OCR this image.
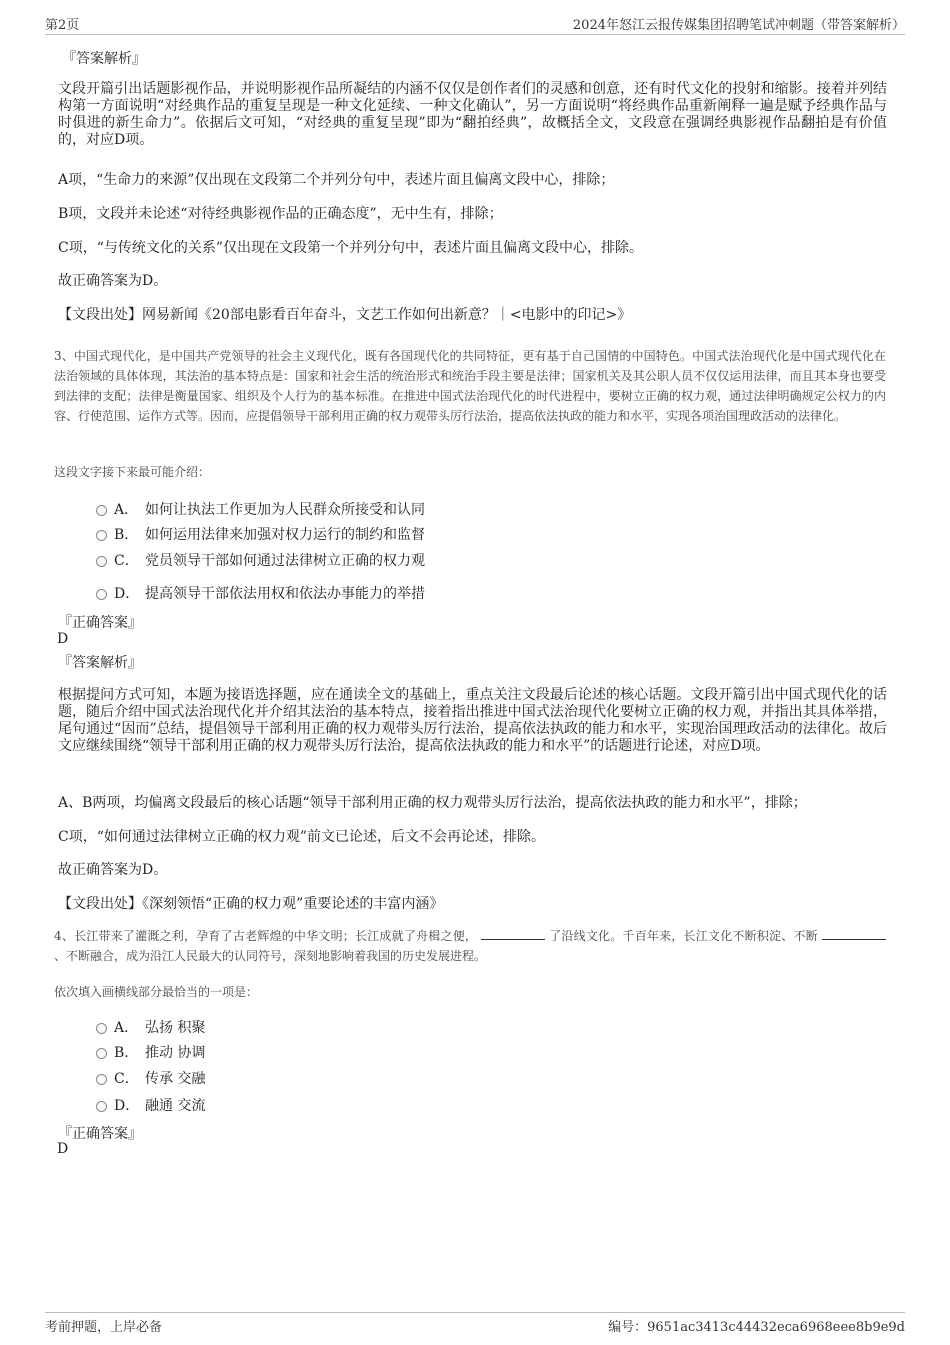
第2页	2024年怒江云报传媒集团招聘笔试冲刺题（带答案解析）
『答案解析』
文段开篇引出话题影视作品，并说明影视作品所凝结的内涵不仅仅是创作者们的灵感和创意，还有时代文化的投射和缩影。接着并列结构第一方面说明“对经典作品的重复呈现是一种文化延续、一种文化确认”，另一方面说明“将经典作品重新阐释一遍是赋予经典作品与时俱进的新生命力”。依据后文可知，“对经典的重复呈现”即为“翻拍经典”，故概括全文，文段意在强调经典影视作品翻拍是有价值的，对应D项。
A项，“生命力的来源”仅出现在文段第二个并列分句中，表述片面且偏离文段中心，排除；
B项，文段并未论述“对待经典影视作品的正确态度”，无中生有，排除；
C项，“与传统文化的关系”仅出现在文段第一个并列分句中，表述片面且偏离文段中心，排除。
故正确答案为D。
【文段出处】网易新闻《20部电影看百年奋斗，文艺工作如何出新意？｜<电影中的印记>》
3、中国式现代化，是中国共产党领导的社会主义现代化，既有各国现代化的共同特征，更有基于自己国情的中国特色。中国式法治现代化是中国式现代化在法治领域的具体体现，其法治的基本特点是：国家和社会生活的统治形式和统治手段主要是法律；国家机关及其公职人员不仅仅运用法律，而且其本身也要受到法律的支配；法律是衡量国家、组织及个人行为的基本标准。在推进中国式法治现代化的时代进程中，要树立正确的权力观，通过法律明确规定公权力的内容、行使范围、运作方式等。因而，应提倡领导干部利用正确的权力观带头厉行法治，提高依法执政的能力和水平，实现各项治国理政活动的法律化。
这段文字接下来最可能介绍：
A． 如何让执法工作更加为人民群众所接受和认同
B． 如何运用法律来加强对权力运行的制约和监督
C． 党员领导干部如何通过法律树立正确的权力观
D． 提高领导干部依法用权和依法办事能力的举措
『正确答案』
D
『答案解析』
根据提问方式可知，本题为接语选择题，应在通读全文的基础上，重点关注文段最后论述的核心话题。文段开篇引出中国式现代化的话题，随后介绍中国式法治现代化并介绍其法治的基本特点，接着指出推进中国式法治现代化要树立正确的权力观，并指出其具体举措，尾句通过“因而”总结，提倡领导干部利用正确的权力观带头厉行法治，提高依法执政的能力和水平，实现治国理政活动的法律化。故后文应继续围绕“领导干部利用正确的权力观带头厉行法治，提高依法执政的能力和水平”的话题进行论述，对应D项。
A、B两项，均偏离文段最后的核心话题“领导干部利用正确的权力观带头厉行法治，提高依法执政的能力和水平”，排除；
C项，“如何通过法律树立正确的权力观”前文已论述，后文不会再论述，排除。
故正确答案为D。
【文段出处】《深刻领悟“正确的权力观”重要论述的丰富内涵》
4、长江带来了灌溉之利，孕育了古老辉煌的中华文明；长江成就了舟楫之便，	了沿线文化。千百年来，长江文化不断积淀、不断  、不断融合，成为沿江人民最大的认同符号，深刻地影响着我国的历史发展进程。
依次填入画横线部分最恰当的一项是：
A． 弘扬 积聚
B． 推动 协调
C． 传承 交融
D． 融通 交流
『正确答案』
D
考前押题，上岸必备	编号：9651ac3413c44432eca6968eee8b9e9d
